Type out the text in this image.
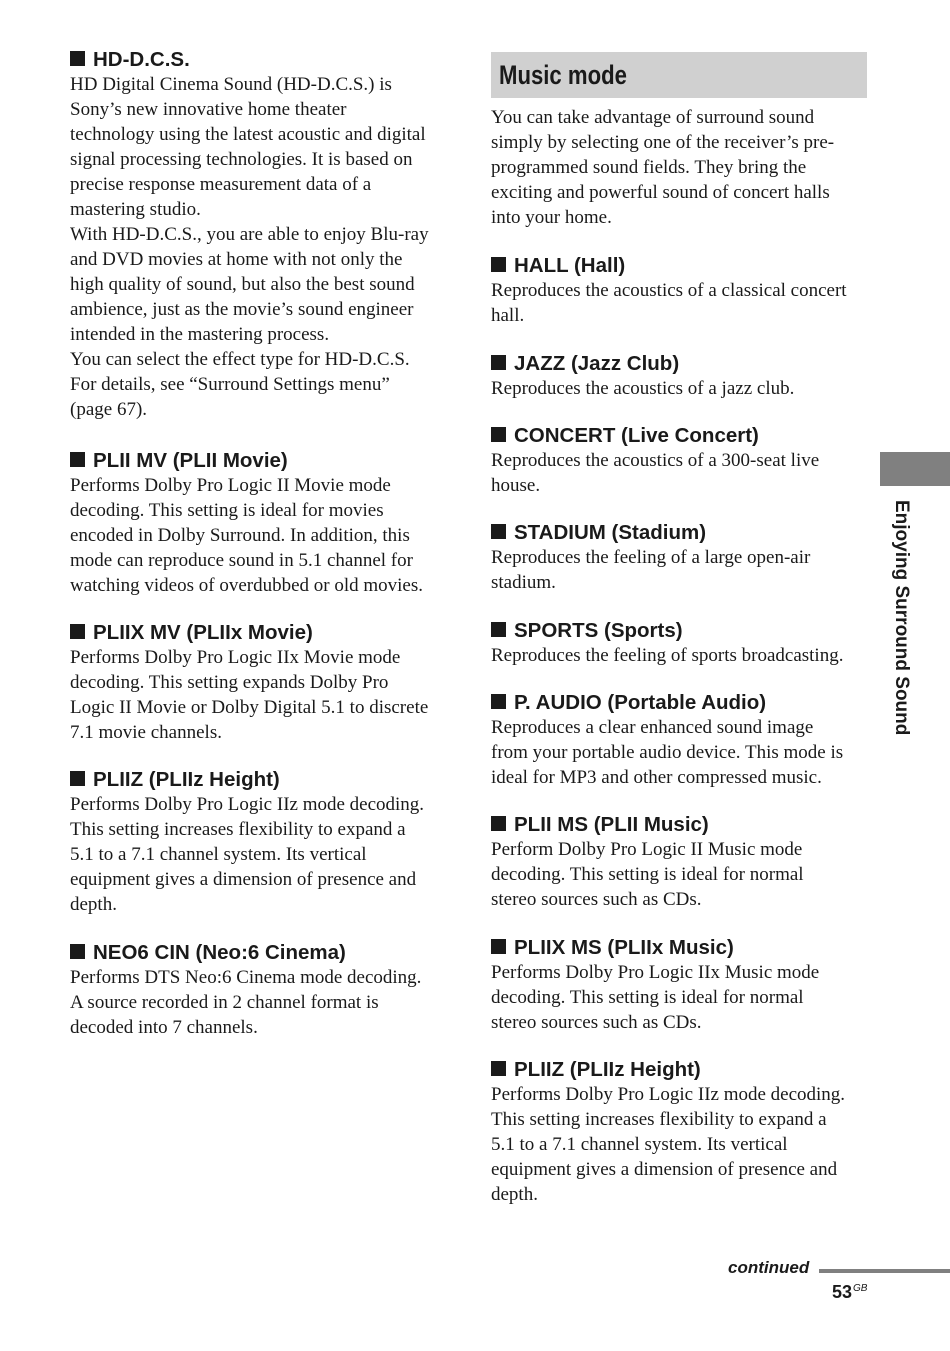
HD-D.C.S.

HD Digital Cinema Sound (HD-D.C.S.) is

Sony’s new innovative home theater

technology using the latest acoustic and digital

signal processing technologies. It is based on

precise response measurement data of a

mastering studio.

With HD-D.C.S., you are able to enjoy Blu-ray

and DVD movies at home with not only the

high quality of sound, but also the best sound

ambience, just as the movie’s sound engineer

intended in the mastering process.

You can select the effect type for HD-D.C.S.

For details, see “Surround Settings menu”

(page 67).

PLII MV (PLII Movie)

Performs Dolby Pro Logic II Movie mode

decoding. This setting is ideal for movies

encoded in Dolby Surround. In addition, this

mode can reproduce sound in 5.1 channel for

watching videos of overdubbed or old movies.

PLIIX MV (PLIIx Movie)

Performs Dolby Pro Logic IIx Movie mode

decoding. This setting expands Dolby Pro

Logic II Movie or Dolby Digital 5.1 to discrete

7.1 movie channels.

PLIIZ (PLIIz Height)

Performs Dolby Pro Logic IIz mode decoding.

This setting increases flexibility to expand a

5.1 to a 7.1 channel system. Its vertical

equipment gives a dimension of presence and

depth.

NEO6 CIN (Neo:6 Cinema)

Performs DTS Neo:6 Cinema mode decoding.

A source recorded in 2 channel format is

decoded into 7 channels.

Music mode

You can take advantage of surround sound

simply by selecting one of the receiver’s pre-

programmed sound fields. They bring the

exciting and powerful sound of concert halls

into your home.

HALL (Hall)

Reproduces the acoustics of a classical concert

hall.

JAZZ (Jazz Club)

Reproduces the acoustics of a jazz club.

CONCERT (Live Concert)

Reproduces the acoustics of a 300-seat live

house.

STADIUM (Stadium)

Reproduces the feeling of a large open-air

stadium.

SPORTS (Sports)

Reproduces the feeling of sports broadcasting.

P. AUDIO (Portable Audio)

Reproduces a clear enhanced sound image

from your portable audio device. This mode is

ideal for MP3 and other compressed music.

PLII MS (PLII Music)

Perform Dolby Pro Logic II Music mode

decoding. This setting is ideal for normal

stereo sources such as CDs.

PLIIX MS (PLIIx Music)

Performs Dolby Pro Logic IIx Music mode

decoding. This setting is ideal for normal

stereo sources such as CDs.

PLIIZ (PLIIz Height)

Performs Dolby Pro Logic IIz mode decoding.

This setting increases flexibility to expand a

5.1 to a 7.1 channel system. Its vertical

equipment gives a dimension of presence and

depth.

Enjoying Surround Sound
continued
$53^{GB}$
